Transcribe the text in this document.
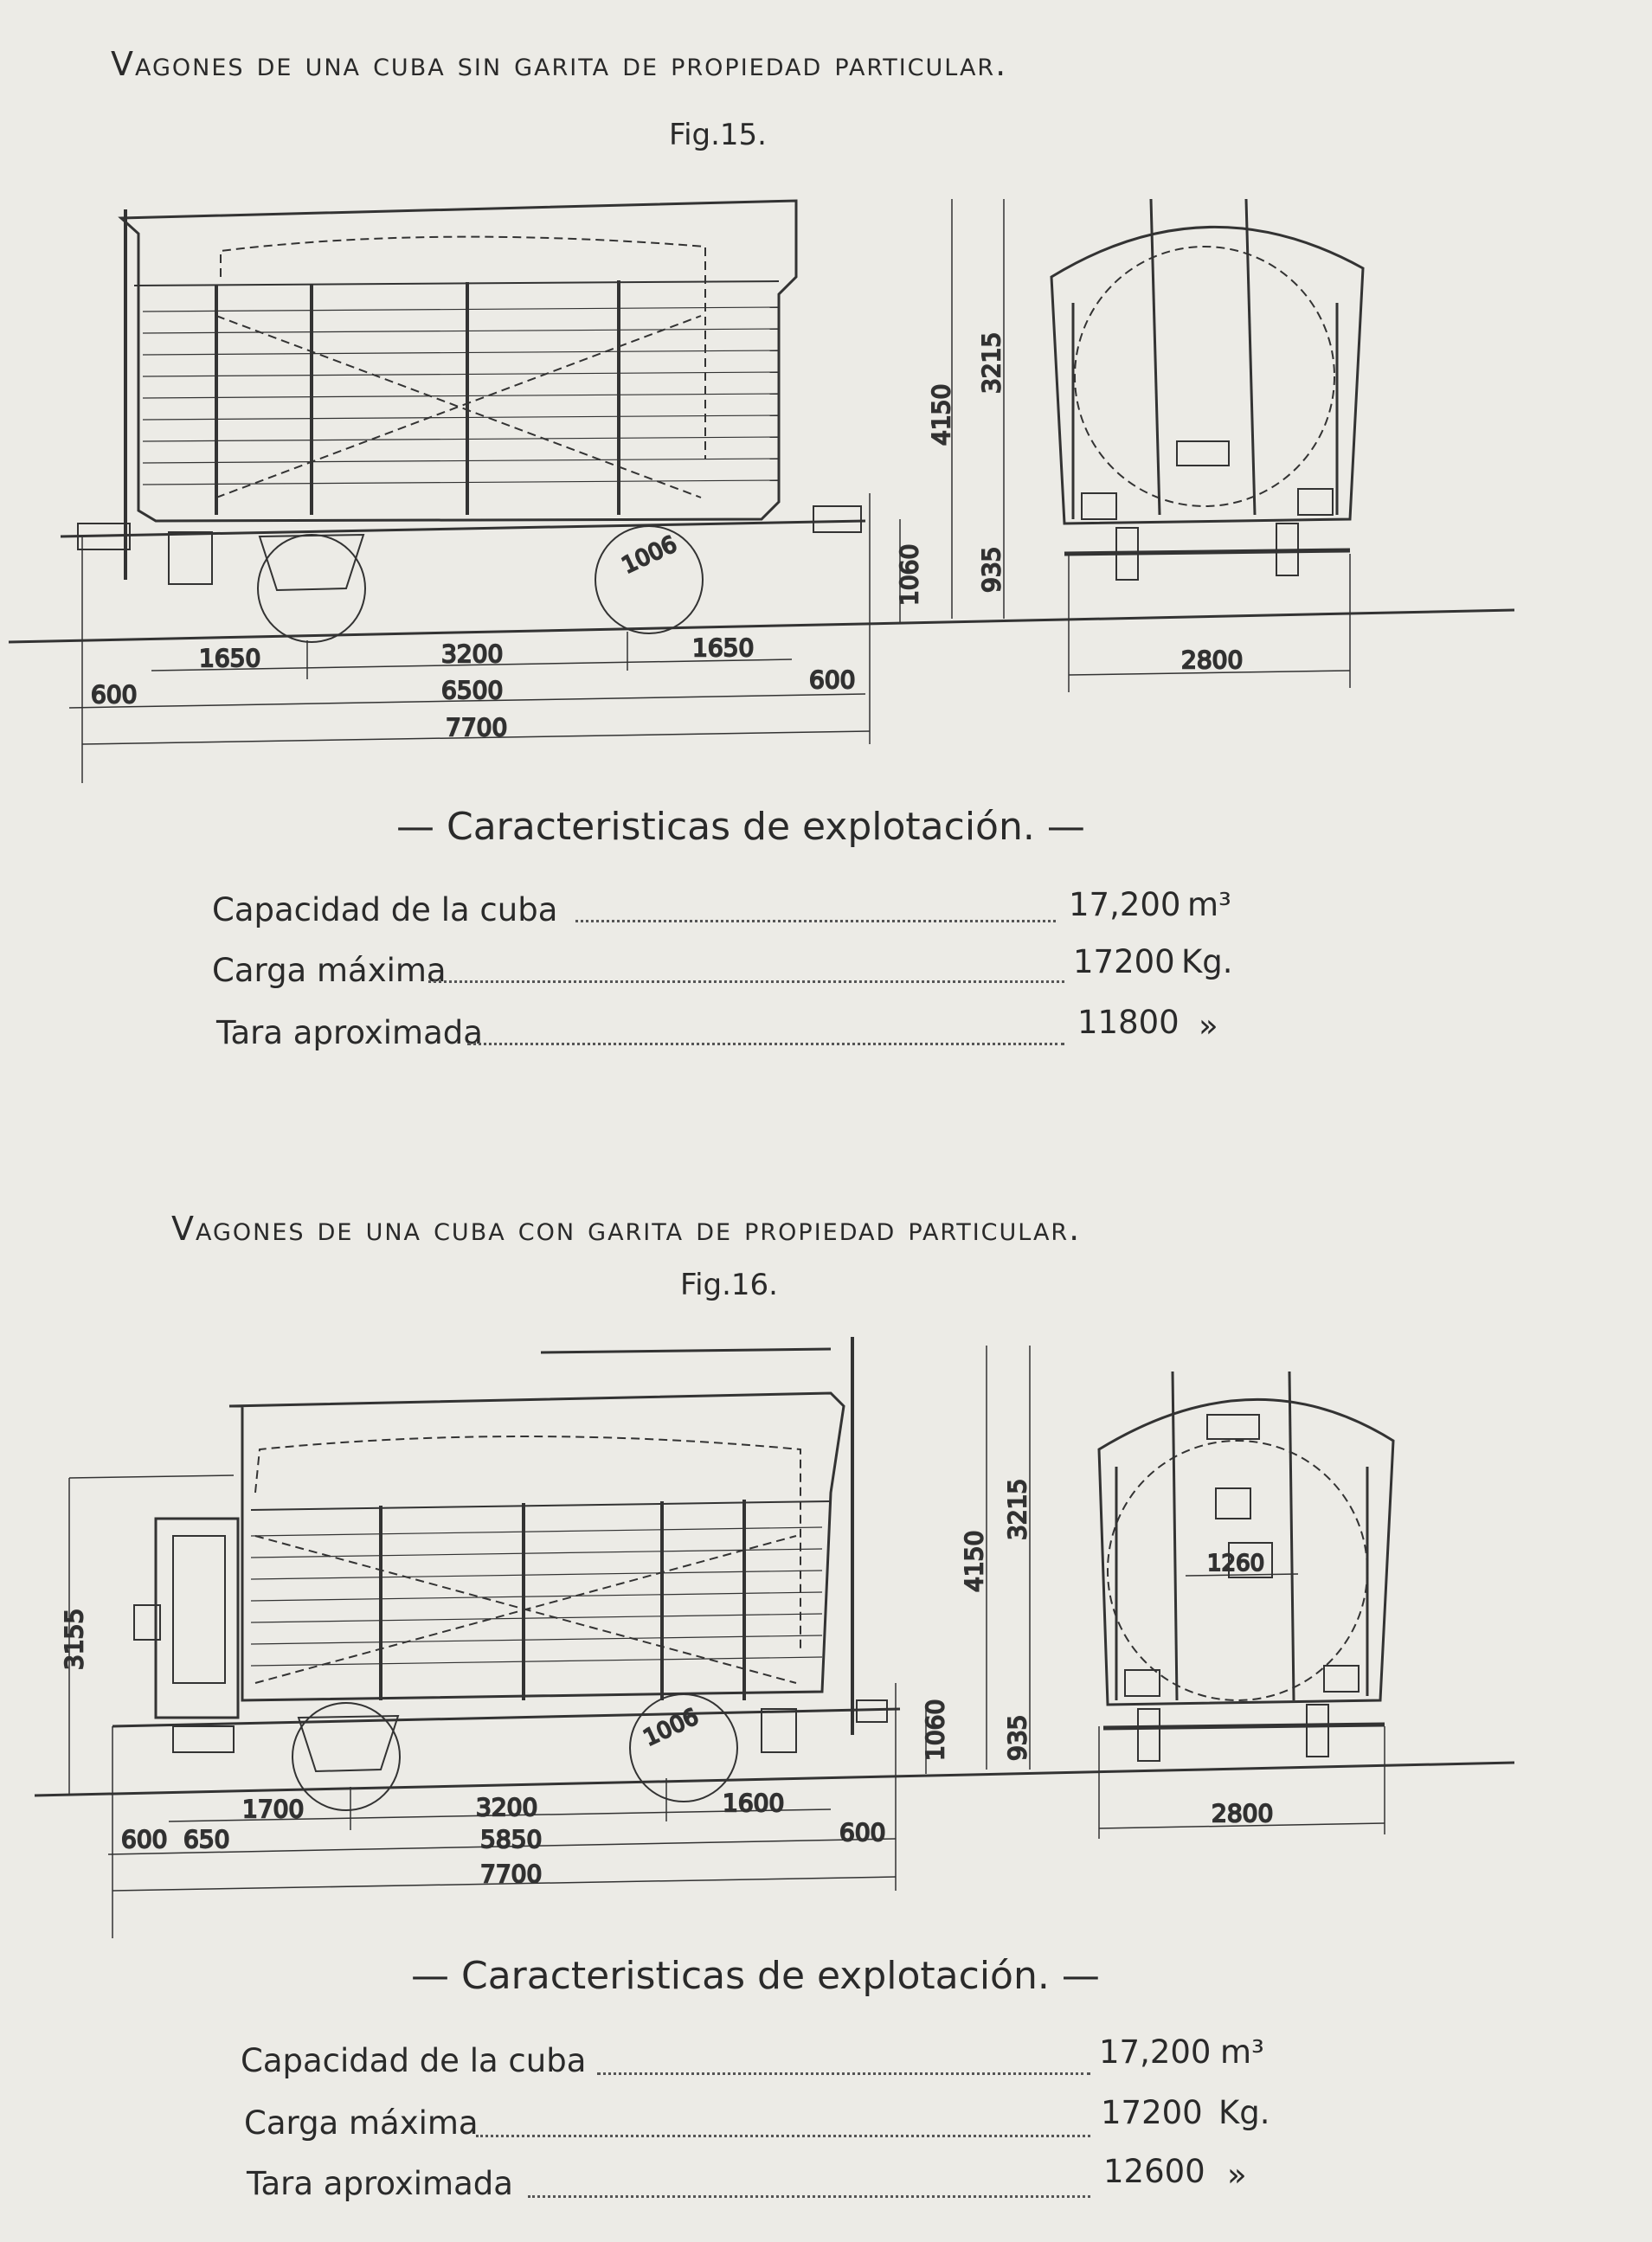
Vagones de una cuba sin garita de propiedad particular.
Fig.15.
1006
1650	3200	1650
600	6500	600
7700
4150
3215
1060 935
2800
— Caracteristicas de explotación. —
Capacidad de la cuba	17,200 m³
Carga máxima	17200 Kg.
Tara aproximada	11800 »
Vagones de una cuba con garita de propiedad particular.
Fig.16.
1006
3155
1700	3200	1600
600 650	5850	600
7700
4150
3215
1060 935
2800
1260
— Caracteristicas de explotación. —
Capacidad de la cuba	17,200 m³
Carga máxima	17200 Kg.
Tara aproximada	12600 »
